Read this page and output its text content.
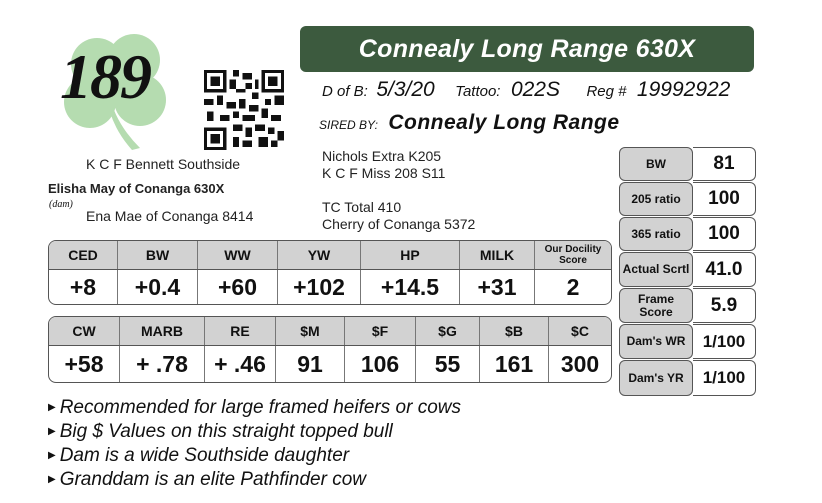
189	Connealy Long Range 630X
D of B: 5/3/20 Tattoo: 022S Reg # 19992922
SIRED BY: Connealy Long Range
Nichols Extra K205
K C F Miss 208 S11
TC Total 410
Cherry of Conanga 5372
K C F Bennett Southside
Elisha May of Conanga 630X
(dam)
Ena Mae of Conanga 8414
CED	BW	WW	YW	HP	MILK	Our Docility Score
+8	+0.4	+60	+102	+14.5	+31	2
CW	MARB	RE	$M	$F	$G	$B	$C
+58	+ .78	+ .46	91	106	55	161	300
BW	81
205 ratio	100
365 ratio	100
Actual Scrtl 41.0
Frame Score	5.9
Dam's WR	1/100
Dam's YR	1/100
▶ Recommended for large framed heifers or cows
▶ Big $ Values on this straight topped bull
▶ Dam is a wide Southside daughter
▶ Granddam is an elite Pathfinder cow
